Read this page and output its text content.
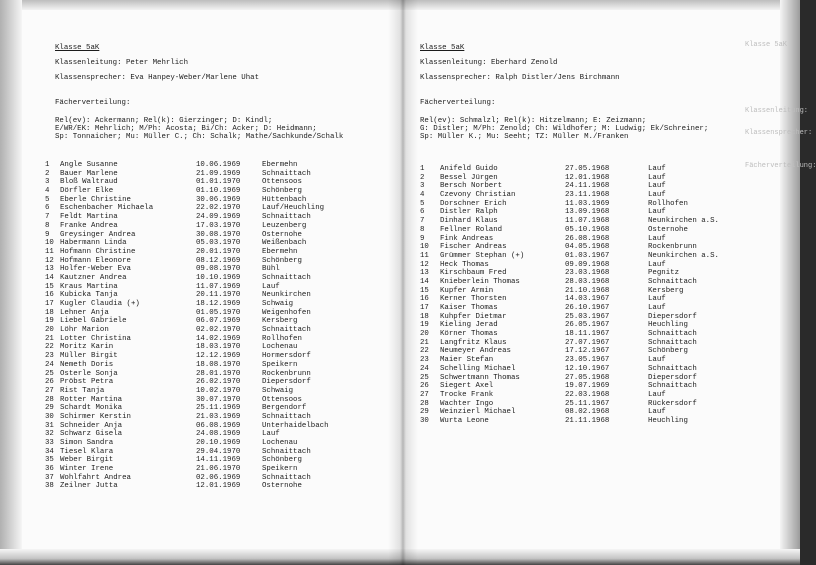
Klasse 5aK
Klassenleitung:
Klassensprecher:
Fächerverteilung:
Klasse 5aK
Klassenleitung: Peter Mehrlich
Klassensprecher: Eva Hanpey-Weber/Marlene Uhat
Fächerverteilung:
Rel(ev): Ackermann; Rel(k): Gierzinger; D: Kindl;
E/WR/EK: Mehrlich; M/Ph: Acosta; Bi/Ch: Acker; D: Heidmann;
Sp: Tonnaicher; Mu: Müller C.; Ch: Schalk; Mathe/Sachkunde/Schalk
1 Angle Susanne	10.06.1969	Ebermehn
2 Bauer Marlene	21.09.1969	Schnaittach
3 Bloß Waltraud	01.01.1970	Ottensoos
4 Dörfler Elke	01.10.1969	Schönberg
5 Eberle Christine	30.06.1969	Hüttenbach
6 Eschenbacher Michaela	22.02.1970	Lauf/Heuchling
7 Feldt Martina	24.09.1969	Schnaittach
8 Franke Andrea	17.03.1970	Leuzenberg
9 Greysinger Andrea	30.08.1970	Osternohe
10 Habermann Linda	05.03.1970	Weißenbach
11 Hofmann Christine	20.01.1970	Ebermehn
12 Hofmann Eleonore	08.12.1969	Schönberg
13 Holfer-Weber Eva	09.08.1970	Bühl
14 Kautzner Andrea	10.10.1969	Schnaittach
15 Kraus Martina	11.07.1969	Lauf
16 Kubicka Tanja	20.11.1970	Neunkirchen
17 Kugler Claudia (+)	18.12.1969	Schwaig
18 Lehner Anja	01.05.1970	Weigenhofen
19 Liebel Gabriele	06.07.1969	Kersberg
20 Löhr Marion	02.02.1970	Schnaittach
21 Lotter Christina	14.02.1969	Rollhofen
22 Moritz Karin	18.03.1970	Lochenau
23 Müller Birgit	12.12.1969	Hormersdorf
24 Nemeth Doris	18.08.1970	Speikern
25 Osterle Sonja	28.01.1970	Rockenbrunn
26 Pröbst Petra	26.02.1970	Diepersdorf
27 Rist Tanja	10.02.1970	Schwaig
28 Rotter Martina	30.07.1970	Ottensoos
29 Schardt Monika	25.11.1969	Bergendorf
30 Schirmer Kerstin	21.03.1969	Schnaittach
31 Schneider Anja	06.08.1969	Unterhaidelbach
32 Schwarz Gisela	24.08.1969	Lauf
33 Simon Sandra	20.10.1969	Lochenau
34 Tiesel Klara	29.04.1970	Schnaittach
35 Weber Birgit	14.11.1969	Schönberg
36 Winter Irene	21.06.1970	Speikern
37 Wohlfahrt Andrea	02.06.1969	Schnaittach
38 Zeilner Jutta	12.01.1969	Osternohe
Klasse 5aK
Klassenleitung: Eberhard Zenold
Klassensprecher: Ralph Distler/Jens Birchmann
Fächerverteilung:
Rel(ev): Schmalzl; Rel(k): Hitzelmann; E: Zeizmann;
G: Distler; M/Ph: Zenold; Ch: Wildhofer; M: Ludwig; Ek/Schreiner;
Sp: Müller K.; Mu: Seeht; TZ: Müller M./Franken
1 Anifeld Guido	27.05.1968	Lauf
2 Bessel Jürgen	12.01.1968	Lauf
3 Bersch Norbert	24.11.1968	Lauf
4 Czevony Christian	23.11.1968	Lauf
5 Dorschner Erich	11.03.1969	Rollhofen
6 Distler Ralph	13.09.1968	Lauf
7 Dinhard Klaus	11.07.1968	Neunkirchen a.S.
8 Fellner Roland	05.10.1968	Osternohe
9 Fink Andreas	26.08.1968	Lauf
10 Fischer Andreas	04.05.1968	Rockenbrunn
11 Grümmer Stephan (+)	01.03.1967	Neunkirchen a.S.
12 Heck Thomas	09.09.1968	Lauf
13 Kirschbaum Fred	23.03.1968	Pegnitz
14 Knieberlein Thomas	28.03.1968	Schnaittach
15 Kupfer Armin	21.10.1968	Kersberg
16 Kerner Thorsten	14.03.1967	Lauf
17 Kaiser Thomas	26.10.1967	Lauf
18 Kuhpfer Dietmar	25.03.1967	Diepersdorf
19 Kieling Jerad	26.05.1967	Heuchling
20 Körner Thomas	18.11.1967	Schnaittach
21 Langfritz Klaus	27.07.1967	Schnaittach
22 Neumeyer Andreas	17.12.1967	Schönberg
23 Maier Stefan	23.05.1967	Lauf
24 Schelling Michael	12.10.1967	Schnaittach
25 Schwertmann Thomas	27.05.1968	Diepersdorf
26 Siegert Axel	19.07.1969	Schnaittach
27 Trocke Frank	22.03.1968	Lauf
28 Wachter Ingo	25.11.1967	Rückersdorf
29 Weinzierl Michael	08.02.1968	Lauf
30 Wurta Leone	21.11.1968	Heuchling
